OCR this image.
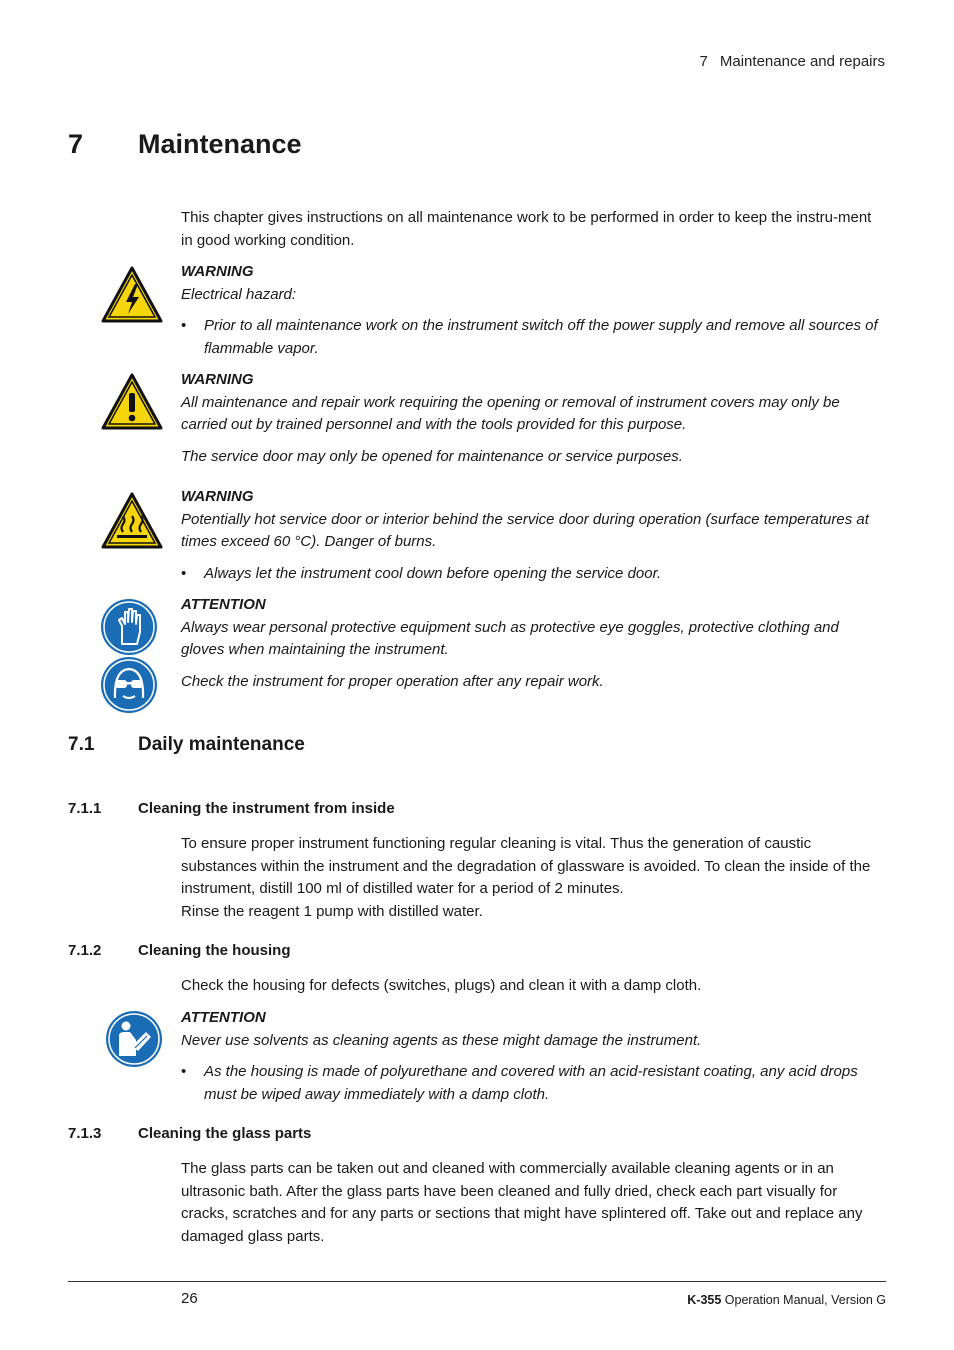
7 Maintenance and repairs
7 Maintenance

This chapter gives instructions on all maintenance work to be performed in order to keep the instru-ment in good working condition.

WARNING
Electrical hazard:
• Prior to all maintenance work on the instrument switch off the power supply and remove all sources of flammable vapor.
WARNING
All maintenance and repair work requiring the opening or removal of instrument covers may only be carried out by trained personnel and with the tools provided for this purpose.
The service door may only be opened for maintenance or service purposes.
WARNING
Potentially hot service door or interior behind the service door during operation (surface temperatures at times exceed 60 °C). Danger of burns.
• Always let the instrument cool down before opening the service door.
ATTENTION
Always wear personal protective equipment such as protective eye goggles, protective clothing and gloves when maintaining the instrument.
Check the instrument for proper operation after any repair work.
7.1 Daily maintenance
7.1.1 Cleaning the instrument from inside
To ensure proper instrument functioning regular cleaning is vital. Thus the generation of caustic substances within the instrument and the degradation of glassware is avoided. To clean the inside of the instrument, distill 100 ml of distilled water for a period of 2 minutes.
Rinse the reagent 1 pump with distilled water.
7.1.2 Cleaning the housing

Check the housing for defects (switches, plugs) and clean it with a damp cloth.

ATTENTION
Never use solvents as cleaning agents as these might damage the instrument.
• As the housing is made of polyurethane and covered with an acid-resistant coating, any acid drops must be wiped away immediately with a damp cloth.
7.1.3 Cleaning the glass parts

The glass parts can be taken out and cleaned with commercially available cleaning agents or in an ultrasonic bath. After the glass parts have been cleaned and fully dried, check each part visually for cracks, scratches and for any parts or sections that might have splintered off. Take out and replace any damaged glass parts.

26	K-355 Operation Manual, Version G
